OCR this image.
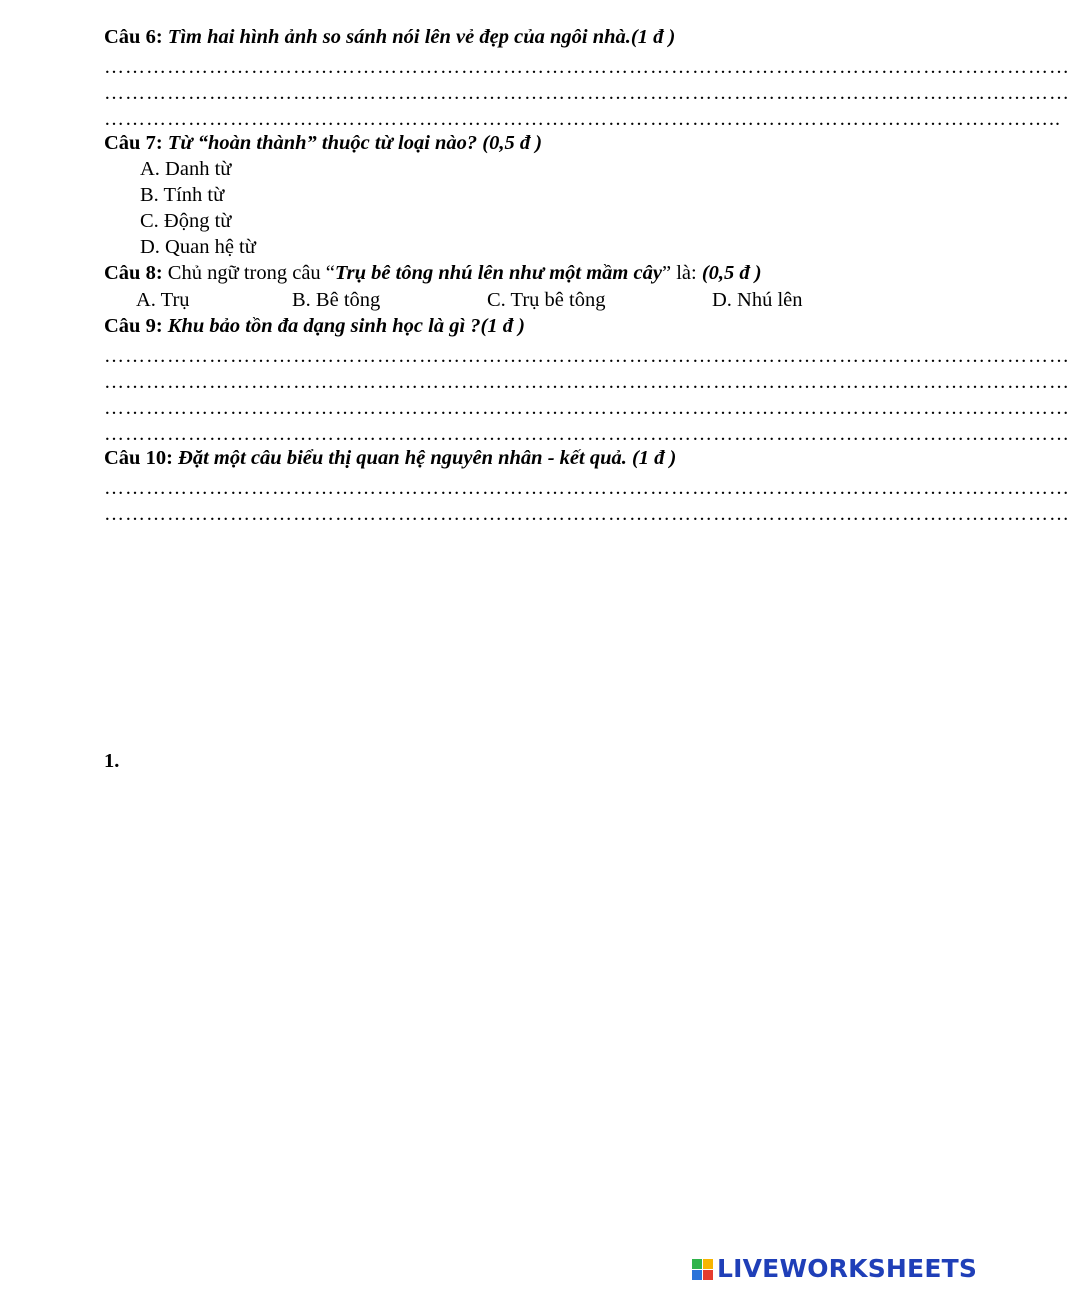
Câu 6: Tìm hai hình ảnh so sánh nói lên vẻ đẹp của ngôi nhà.(1 đ )
…………………………………………………………………………………………………………………………
…………………………………………………………………………………………………………………………
………………………………………………………………………………………………………………………..
Câu 7: Từ “hoàn thành” thuộc từ loại nào? (0,5 đ )
A. Danh từ
B. Tính từ
C. Động từ
D. Quan hệ từ
Câu 8: Chủ ngữ trong câu “Trụ bê tông nhú lên như một mầm cây” là: (0,5 đ )
A. Trụ	B. Bê tông	C. Trụ bê tông	D. Nhú lên
Câu 9: Khu bảo tồn đa dạng sinh học là gì ?(1 đ )
…………………………………………………………………………………………………………………………
…………………………………………………………………………………………………………………………
…………………………………………………………………………………………………………………………
…………………………………………………………………………………………………………………………
Câu 10: Đặt một câu biểu thị quan hệ nguyên nhân - kết quả. (1 đ )
…………………………………………………………………………………………………………………………
…………………………………………………………………………………………………………………………
1.
LIVEWORKSHEETS
